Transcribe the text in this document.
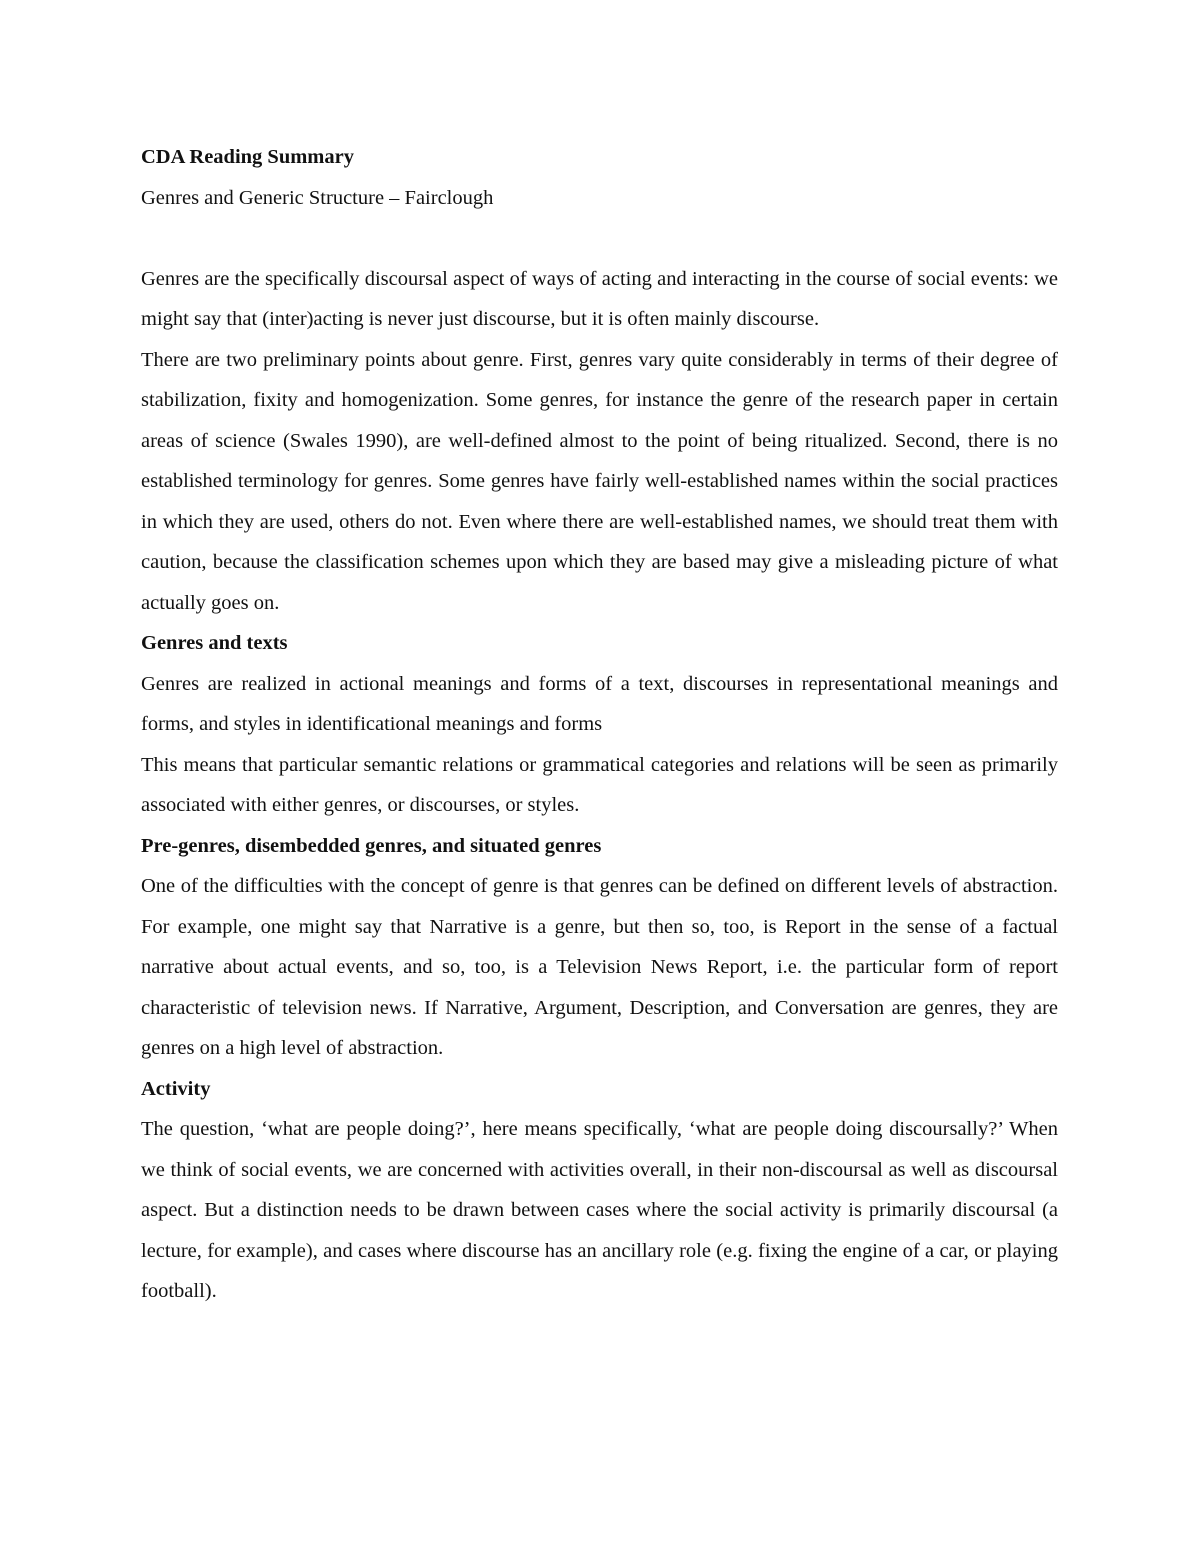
CDA Reading Summary

Genres and Generic Structure – Fairclough

Genres are the specifically discoursal aspect of ways of acting and interacting in the course of social events: we might say that (inter)acting is never just discourse, but it is often mainly discourse.

There are two preliminary points about genre. First, genres vary quite considerably in terms of their degree of stabilization, fixity and homogenization. Some genres, for instance the genre of the research paper in certain areas of science (Swales 1990), are well-defined almost to the point of being ritualized. Second, there is no established terminology for genres. Some genres have fairly well-established names within the social practices in which they are used, others do not. Even where there are well-established names, we should treat them with caution, because the classification schemes upon which they are based may give a misleading picture of what actually goes on.

Genres and texts

Genres are realized in actional meanings and forms of a text, discourses in representational meanings and forms, and styles in identificational meanings and forms

This means that particular semantic relations or grammatical categories and relations will be seen as primarily associated with either genres, or discourses, or styles.

Pre-genres, disembedded genres, and situated genres

One of the difficulties with the concept of genre is that genres can be defined on different levels of abstraction. For example, one might say that Narrative is a genre, but then so, too, is Report in the sense of a factual narrative about actual events, and so, too, is a Television News Report, i.e. the particular form of report characteristic of television news. If Narrative, Argument, Description, and Conversation are genres, they are genres on a high level of abstraction.

Activity

The question, ‘what are people doing?’, here means specifically, ‘what are people doing discoursally?’ When we think of social events, we are concerned with activities overall, in their non-discoursal as well as discoursal aspect. But a distinction needs to be drawn between cases where the social activity is primarily discoursal (a lecture, for example), and cases where discourse has an ancillary role (e.g. fixing the engine of a car, or playing football).
